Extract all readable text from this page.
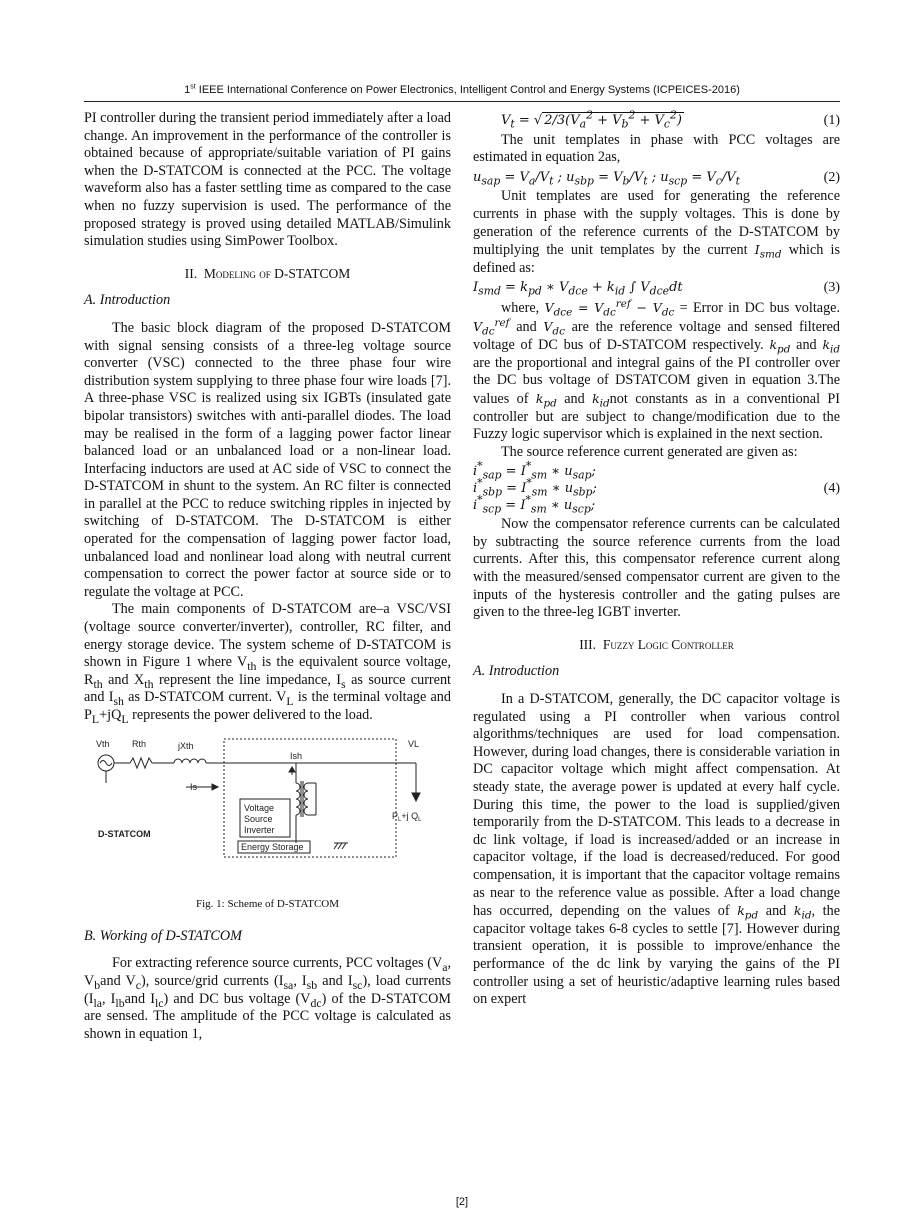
1st IEEE International Conference on Power Electronics, Intelligent Control and Energy Systems (ICPEICES-2016)

PI controller during the transient period immediately after a load change. An improvement in the performance of the controller is obtained because of appropriate/suitable variation of PI gains when the D-STATCOM is connected at the PCC. The voltage waveform also has a faster settling time as compared to the case when no fuzzy supervision is used. The performance of the proposed strategy is proved using detailed MATLAB/Simulink simulation studies using SimPower Toolbox.

II. Modeling of D-STATCOM
A. Introduction

The basic block diagram of the proposed D-STATCOM with signal sensing consists of a three-leg voltage source converter (VSC) connected to the three phase four wire distribution system supplying to three phase four wire loads [7]. A three-phase VSC is realized using six IGBTs (insulated gate bipolar transistors) switches with anti-parallel diodes. The load may be realised in the form of a lagging power factor linear balanced load or an unbalanced load or a non-linear load. Interfacing inductors are used at AC side of VSC to connect the D-STATCOM in shunt to the system. An RC filter is connected in parallel at the PCC to reduce switching ripples in injected by switching of D-STATCOM. The D-STATCOM is either operated for the compensation of lagging power factor load, unbalanced load and nonlinear load along with neutral current compensation to correct the power factor at source side or to regulate the voltage at PCC.

The main components of D-STATCOM are–a VSC/VSI (voltage source converter/inverter), controller, RC filter, and energy storage device. The system scheme of D-STATCOM is shown in Figure 1 where $V_{th}$ is the equivalent source voltage, $R_{th}$ and $X_{th}$ represent the line impedance, $I_s$ as source current and $I_{sh}$ as D-STATCOM current. $V_L$ is the terminal voltage and $P_L+jQ_L$ represents the power delivered to the load.

Vth Rth	jXth
Is
Ish
VL
Voltage
Source
Inverter
Energy Storage
D-STATCOM
$P_L+j$ $Q_L$
Fig. 1: Scheme of D-STATCOM
B. Working of D-STATCOM

For extracting reference source currents, PCC voltages ($V_a$, $V_band$ $V_c$), source/grid currents ($I_{sa}$, $I_{sb}$ and $I_{sc}$), load currents ($I_{la}$, $I_{lb}and$ $I_{lc}$) and DC bus voltage $(V_{dc})$ of the D-STATCOM are sensed. The amplitude of the PCC voltage is calculated as shown in equation 1,

$V_t$ = √ $2/3(V_a^2 + V_b^2 + V_c^2)$	(1)

The unit templates in phase with PCC voltages are estimated in equation 2as,

$u_{sap} = V_a/V_t$ ; $u_{sbp} = V_b/V_t$ ; $u_{scp} = V_c/V_t$	(2)

Unit templates are used for generating the reference currents in phase with the supply voltages. This is done by generation of the reference currents of the D-STATCOM by multiplying the unit templates by the current $I_{smd}$ which is defined as:

$I_{smd} = k_{pd}$ ∗ $V_{dce} + k_{id}$ ∫ $V_{dce}dt$	(3)

where, $V_{dce} = V_{dc}^{ref} - V_{dc}$ = Error in DC bus voltage. $V_{dc}^{ref}$ and $V_{dc}$ are the reference voltage and sensed filtered voltage of DC bus of D-STATCOM respectively. $k_{pd}$ and $k_{id}$ are the proportional and integral gains of the PI controller over the DC bus voltage of DSTATCOM given in equation 3.The values of $k_{pd}$ and $k_{id}not$ constants as in a conventional PI controller but are subject to change/modification due to the Fuzzy logic supervisor which is explained in the next section.

The source reference current generated are given as:

$i^*_{sap} = I^*_{sm}$ ∗ $u_{sap}$;
$i^*_{sbp} = I^*_{sm}$ ∗ $u_{sbp}$;
$i^*_{scp} = I^*_{sm}$ ∗ $u_{scp}$;
(4)

Now the compensator reference currents can be calculated by subtracting the source reference currents from the load currents. After this, this compensator reference current along with the measured/sensed compensator current are given to the inputs of the hysteresis controller and the gating pulses are given to the three-leg IGBT inverter.

III. Fuzzy Logic Controller
A. Introduction

In a D-STATCOM, generally, the DC capacitor voltage is regulated using a PI controller when various control algorithms/techniques are used for load compensation. However, during load changes, there is considerable variation in DC capacitor voltage which might affect compensation. At steady state, the average power is updated at every half cycle. During this time, the power to the load is supplied/given temporarily from the D-STATCOM. This leads to a decrease in dc link voltage, if load is increased/added or an increase in capacitor voltage, if the load is decreased/reduced. For good compensation, it is important that the capacitor voltage remains as near to the reference value as possible. After a load change has occurred, depending on the values of $k_{pd}$ and $k_{id}$, the capacitor voltage takes 6-8 cycles to settle [7]. However during transient operation, it is possible to improve/enhance the performance of the dc link by varying the gains of the PI controller using a set of heuristic/adaptive learning rules based on expert

[2]
